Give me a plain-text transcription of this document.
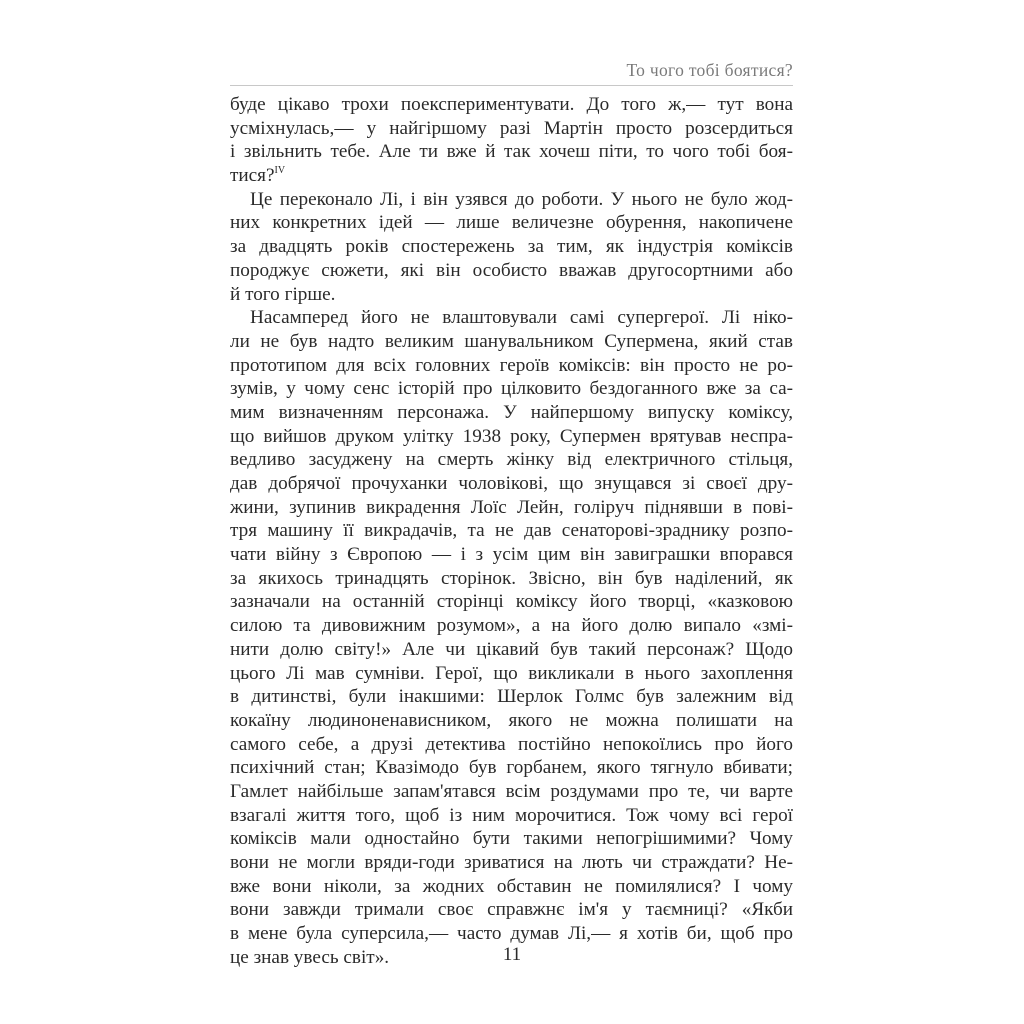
То чого тобі боятися?
буде цікаво трохи поекспериментувати. До того ж,— тут вона
усміхнулась,— у найгіршому разі Мартін просто розсердиться
і звільнить тебе. Але ти вже й так хочеш піти, то чого тобі боя-
тися?$^{IV}$
Це переконало Лі, і він узявся до роботи. У нього не було жод-
них конкретних ідей — лише величезне обурення, накопичене
за двадцять років спостережень за тим, як індустрія коміксів
породжує сюжети, які він особисто вважав другосортними або
й того гірше.
Насамперед його не влаштовували самі супергерої. Лі ніко-
ли не був надто великим шанувальником Супермена, який став
прототипом для всіх головних героїв коміксів: він просто не ро-
зумів, у чому сенс історій про цілковито бездоганного вже за са-
мим визначенням персонажа. У найпершому випуску коміксу,
що вийшов друком улітку 1938 року, Супермен врятував неспра-
ведливо засуджену на смерть жінку від електричного стільця,
дав добрячої прочуханки чоловікові, що знущався зі своєї дру-
жини, зупинив викрадення Лоїс Лейн, голіруч піднявши в пові-
тря машину її викрадачів, та не дав сенаторові-зраднику розпо-
чати війну з Європою — і з усім цим він завиграшки впорався
за якихось тринадцять сторінок. Звісно, він був наділений, як
зазначали на останній сторінці коміксу його творці, «казковою
силою та дивовижним розумом», а на його долю випало «змі-
нити долю світу!» Але чи цікавий був такий персонаж? Щодо
цього Лі мав сумніви. Герої, що викликали в нього захоплення
в дитинстві, були інакшими: Шерлок Голмс був залежним від
кокаїну людиноненависником, якого не можна полишати на
самого себе, а друзі детектива постійно непокоїлись про його
психічний стан; Квазімодо був горбанем, якого тягнуло вбивати;
Гамлет найбільше запам'ятався всім роздумами про те, чи варте
взагалі життя того, щоб із ним морочитися. Тож чому всі герої
коміксів мали одностайно бути такими непогрішимими? Чому
вони не могли вряди-годи зриватися на лють чи страждати? Не-
вже вони ніколи, за жодних обставин не помилялися? І чому
вони завжди тримали своє справжнє ім'я у таємниці? «Якби
в мене була суперсила,— часто думав Лі,— я хотів би, щоб про
це знав увесь світ».	11
